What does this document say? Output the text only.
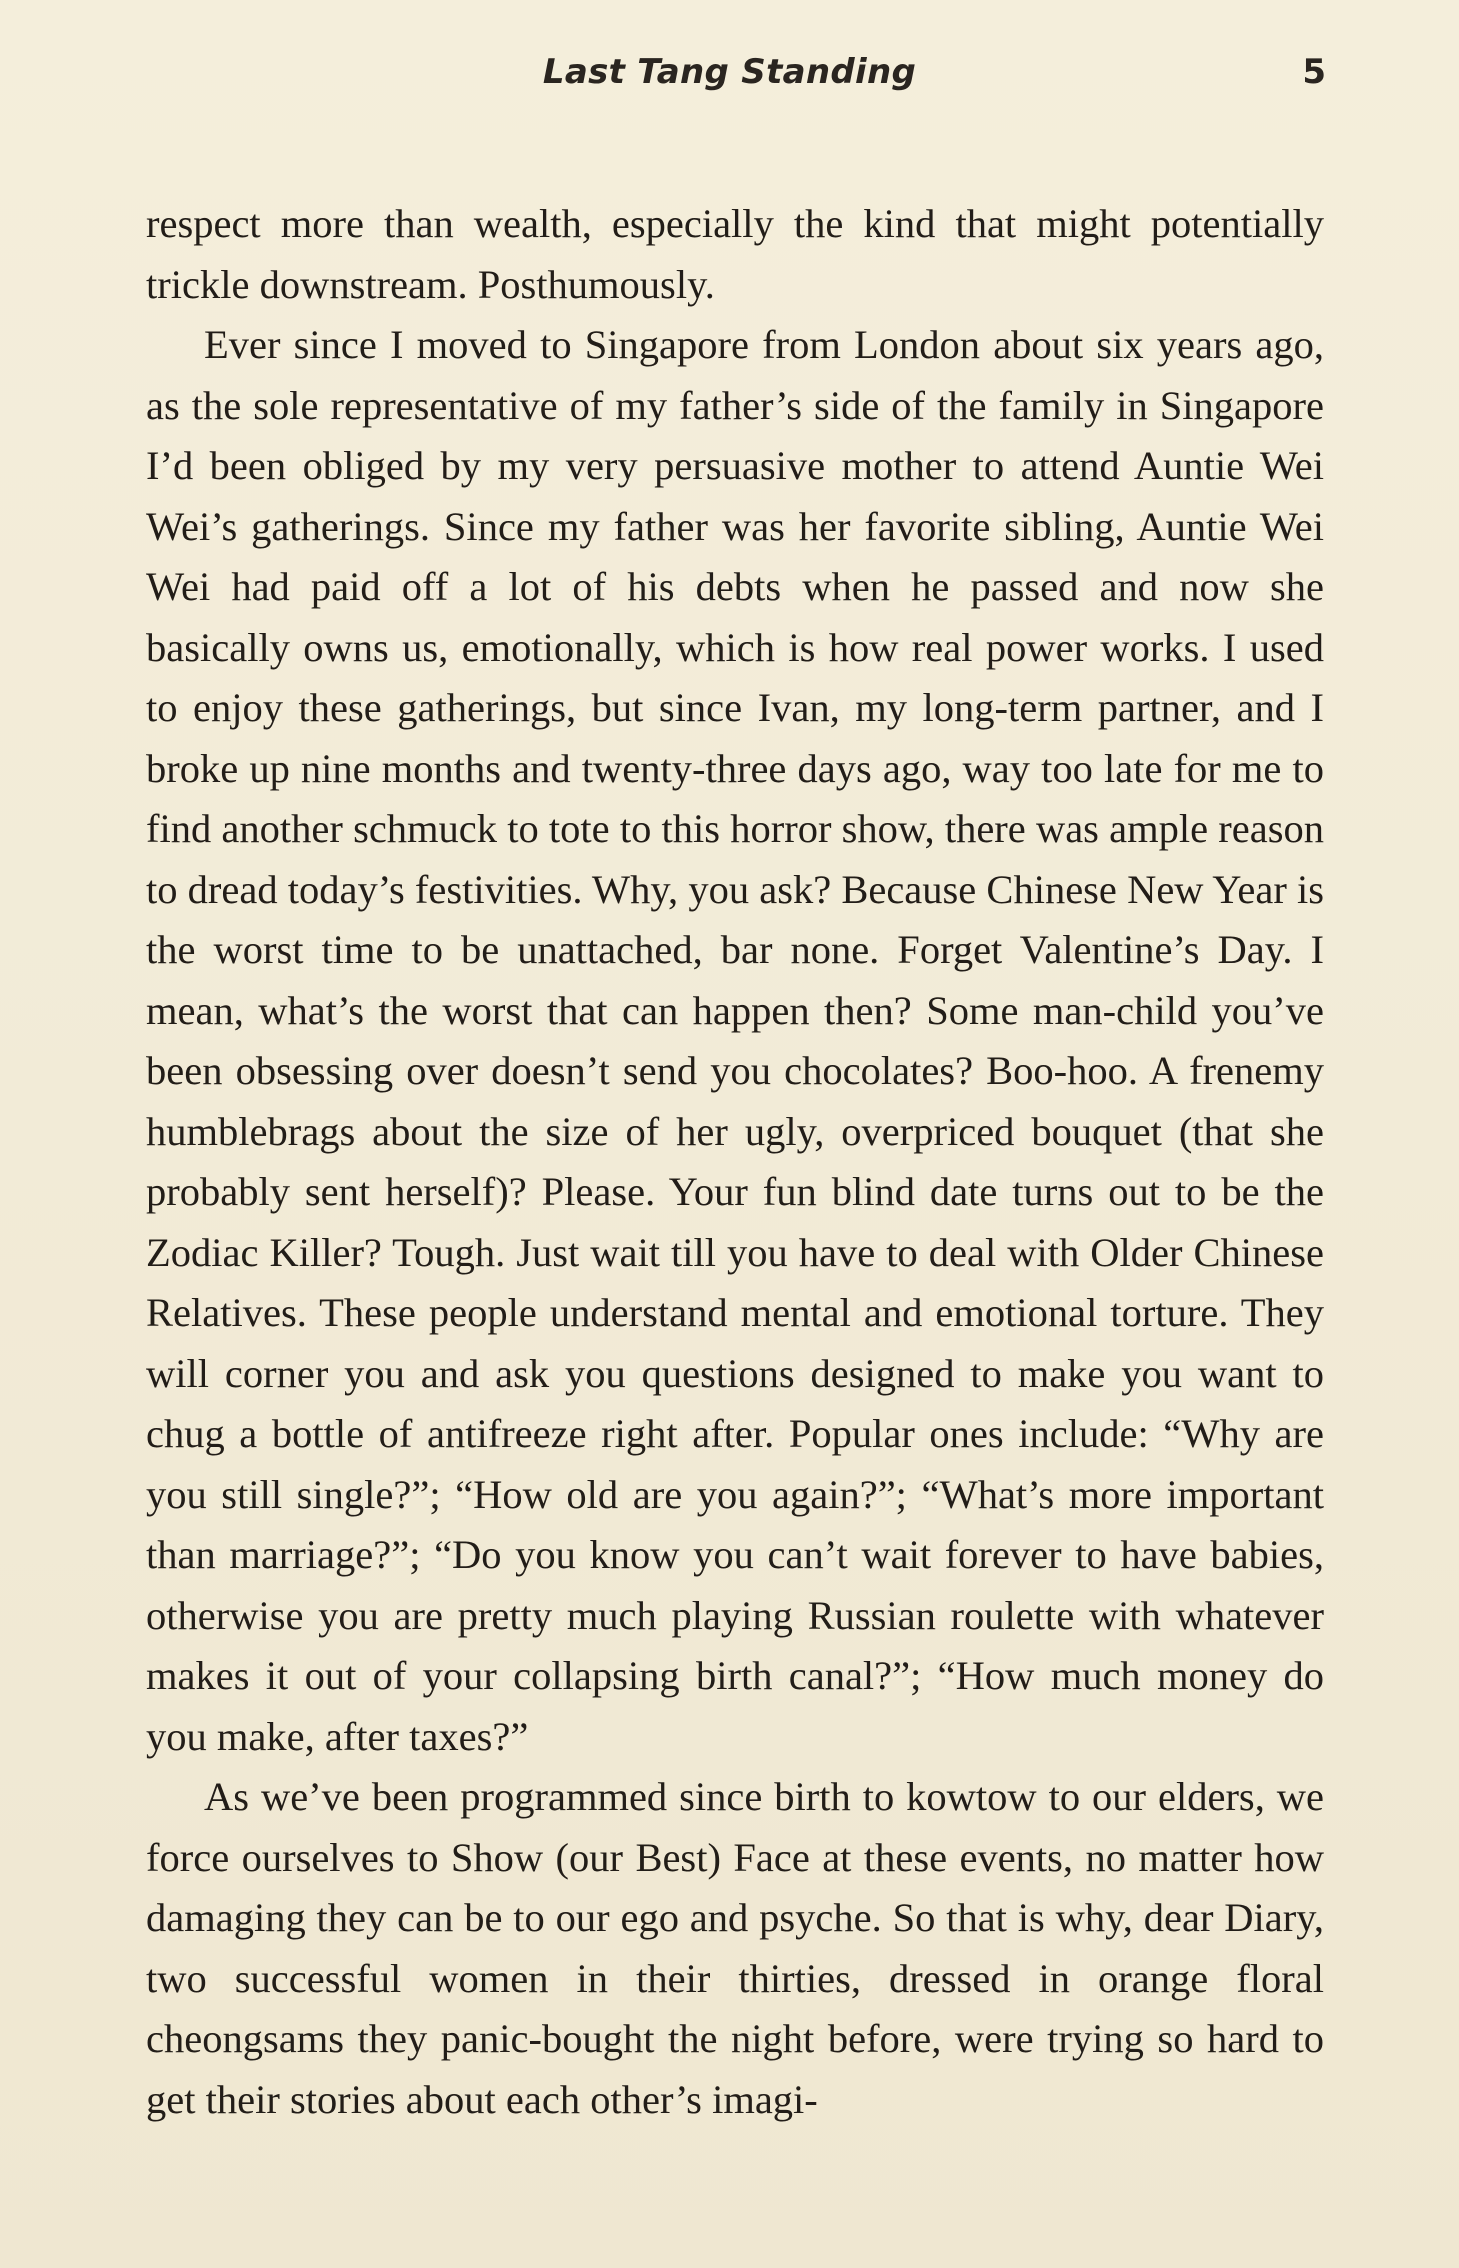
Last Tang Standing	5

respect more than wealth, especially the kind that might potentially trickle downstream. Posthumously.

Ever since I moved to Singapore from London about six years ago, as the sole representative of my father’s side of the family in Singapore I’d been obliged by my very persuasive mother to attend Auntie Wei Wei’s gatherings. Since my father was her favorite sibling, Auntie Wei Wei had paid off a lot of his debts when he passed and now she basically owns us, emotionally, which is how real power works. I used to enjoy these gatherings, but since Ivan, my long-term partner, and I broke up nine months and twenty-three days ago, way too late for me to find another schmuck to tote to this horror show, there was ample reason to dread today’s festivities. Why, you ask? Because Chinese New Year is the worst time to be unattached, bar none. Forget Valentine’s Day. I mean, what’s the worst that can happen then? Some man-child you’ve been obsessing over doesn’t send you chocolates? Boo-hoo. A frenemy humblebrags about the size of her ugly, overpriced bouquet (that she probably sent herself)? Please. Your fun blind date turns out to be the Zodiac Killer? Tough. Just wait till you have to deal with Older Chinese Relatives. These people understand mental and emotional torture. They will corner you and ask you questions designed to make you want to chug a bottle of antifreeze right after. Popular ones include: “Why are you still single?”; “How old are you again?”; “What’s more important than marriage?”; “Do you know you can’t wait forever to have babies, otherwise you are pretty much playing Russian roulette with whatever makes it out of your collapsing birth canal?”; “How much money do you make, after taxes?”

As we’ve been programmed since birth to kowtow to our elders, we force ourselves to Show (our Best) Face at these events, no matter how damaging they can be to our ego and psyche. So that is why, dear Diary, two successful women in their thirties, dressed in orange floral cheongsams they panic-bought the night before, were trying so hard to get their stories about each other’s imagi-
